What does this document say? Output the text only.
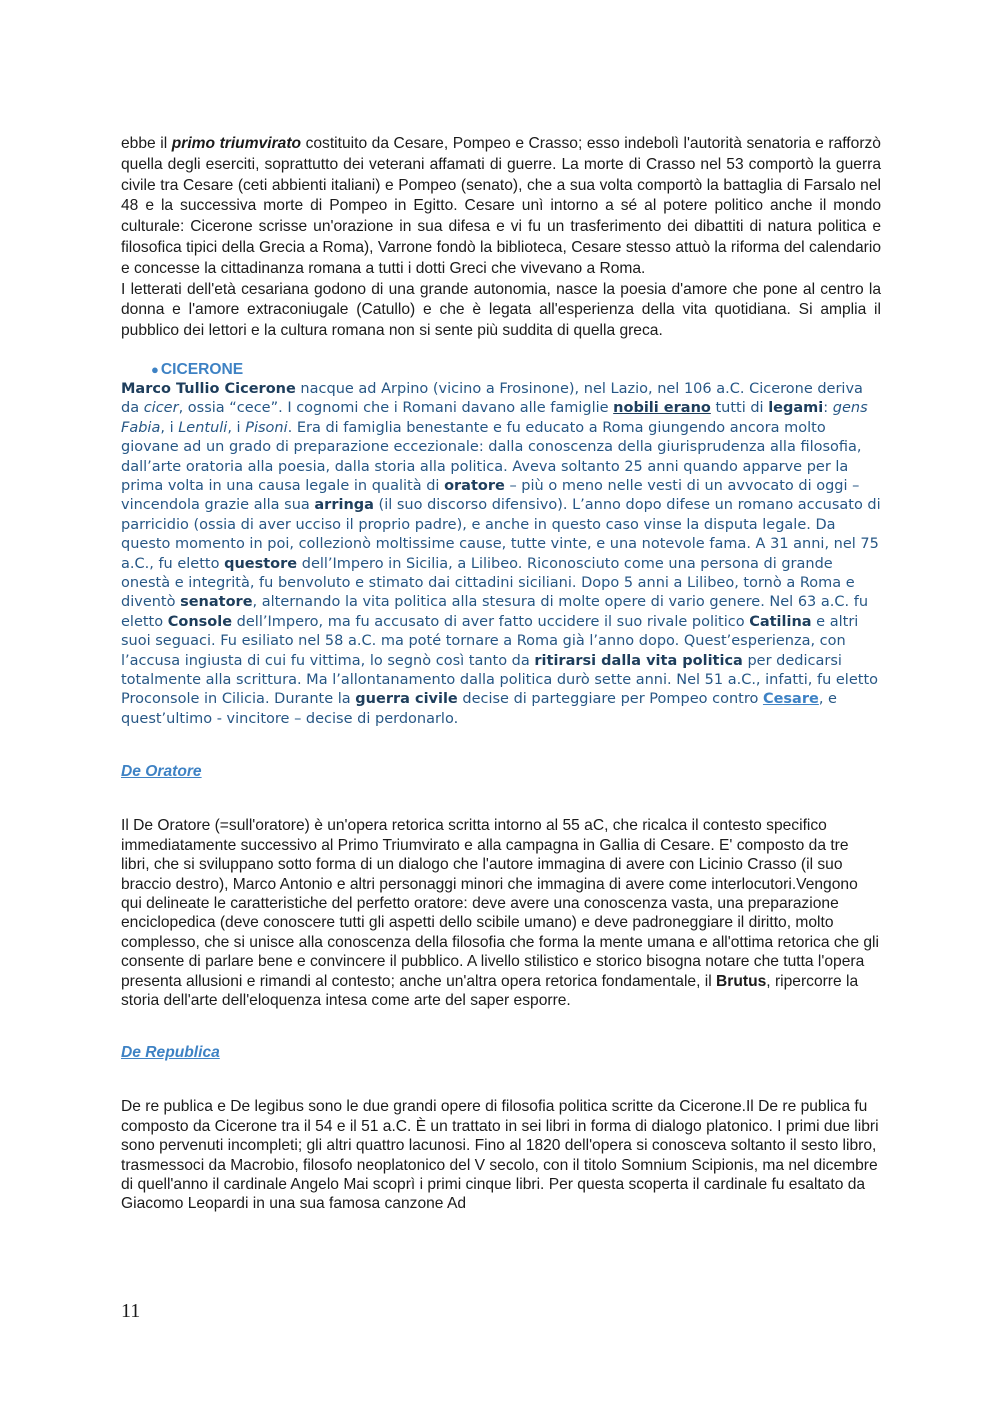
ebbe il primo triumvirato costituito da Cesare, Pompeo e Crasso; esso indebolì l'autorità senatoria e rafforzò quella degli eserciti, soprattutto dei veterani affamati di guerre. La morte di Crasso nel 53 comportò la guerra civile tra Cesare (ceti abbienti italiani) e Pompeo (senato), che a sua volta comportò la battaglia di Farsalo nel 48 e la successiva morte di Pompeo in Egitto. Cesare unì intorno a sé al potere politico anche il mondo culturale: Cicerone scrisse un'orazione in sua difesa e vi fu un trasferimento dei dibattiti di natura politica e filosofica tipici della Grecia a Roma), Varrone fondò la biblioteca, Cesare stesso attuò la riforma del calendario e concesse la cittadinanza romana a tutti i dotti Greci che vivevano a Roma.

I letterati dell'età cesariana godono di una grande autonomia, nasce la poesia d'amore che pone al centro la donna e l'amore extraconiugale (Catullo) e che è legata all'esperienza della vita quotidiana. Si amplia il pubblico dei lettori e la cultura romana non si sente più suddita di quella greca.

● CICERONE

Marco Tullio Cicerone nacque ad Arpino (vicino a Frosinone), nel Lazio, nel 106 a.C. Cicerone deriva da cicer, ossia “cece”. I cognomi che i Romani davano alle famiglie nobili erano tutti di legami: gens Fabia, i Lentuli, i Pisoni. Era di famiglia benestante e fu educato a Roma giungendo ancora molto giovane ad un grado di preparazione eccezionale: dalla conoscenza della giurisprudenza alla filosofia, dall’arte oratoria alla poesia, dalla storia alla politica. Aveva soltanto 25 anni quando apparve per la prima volta in una causa legale in qualità di oratore – più o meno nelle vesti di un avvocato di oggi – vincendola grazie alla sua arringa (il suo discorso difensivo). L’anno dopo difese un romano accusato di parricidio (ossia di aver ucciso il proprio padre), e anche in questo caso vinse la disputa legale. Da questo momento in poi, collezionò moltissime cause, tutte vinte, e una notevole fama. A 31 anni, nel 75 a.C., fu eletto questore dell’Impero in Sicilia, a Lilibeo. Riconosciuto come una persona di grande onestà e integrità, fu benvoluto e stimato dai cittadini siciliani. Dopo 5 anni a Lilibeo, tornò a Roma e diventò senatore, alternando la vita politica alla stesura di molte opere di vario genere. Nel 63 a.C. fu eletto Console dell’Impero, ma fu accusato di aver fatto uccidere il suo rivale politico Catilina e altri suoi seguaci. Fu esiliato nel 58 a.C. ma poté tornare a Roma già l’anno dopo. Quest’esperienza, con l’accusa ingiusta di cui fu vittima, lo segnò così tanto da ritirarsi dalla vita politica per dedicarsi totalmente alla scrittura. Ma l’allontanamento dalla politica durò sette anni. Nel 51 a.C., infatti, fu eletto Proconsole in Cilicia. Durante la guerra civile decise di parteggiare per Pompeo contro Cesare, e quest’ultimo - vincitore – decise di perdonarlo.

De Oratore

Il De Oratore (=sull'oratore) è un'opera retorica scritta intorno al 55 aC, che ricalca il contesto specifico immediatamente successivo al Primo Triumvirato e alla campagna in Gallia di Cesare. E' composto da tre libri, che si sviluppano sotto forma di un dialogo che l'autore immagina di avere con Licinio Crasso (il suo braccio destro), Marco Antonio e altri personaggi minori che immagina di avere come interlocutori.Vengono qui delineate le caratteristiche del perfetto oratore: deve avere una conoscenza vasta, una preparazione enciclopedica (deve conoscere tutti gli aspetti dello scibile umano) e deve padroneggiare il diritto, molto complesso, che si unisce alla conoscenza della filosofia che forma la mente umana e all'ottima retorica che gli consente di parlare bene e convincere il pubblico. A livello stilistico e storico bisogna notare che tutta l'opera presenta allusioni e rimandi al contesto; anche un'altra opera retorica fondamentale, il Brutus, ripercorre la storia dell'arte dell'eloquenza intesa come arte del saper esporre.

De Republica

De re publica e De legibus sono le due grandi opere di filosofia politica scritte da Cicerone.Il De re publica fu composto da Cicerone tra il 54 e il 51 a.C. È un trattato in sei libri in forma di dialogo platonico. I primi due libri sono pervenuti incompleti; gli altri quattro lacunosi. Fino al 1820 dell'opera si conosceva soltanto il sesto libro, trasmessoci da Macrobio, filosofo neoplatonico del V secolo, con il titolo Somnium Scipionis, ma nel dicembre di quell'anno il cardinale Angelo Mai scoprì i primi cinque libri. Per questa scoperta il cardinale fu esaltato da Giacomo Leopardi in una sua famosa canzone Ad

11
